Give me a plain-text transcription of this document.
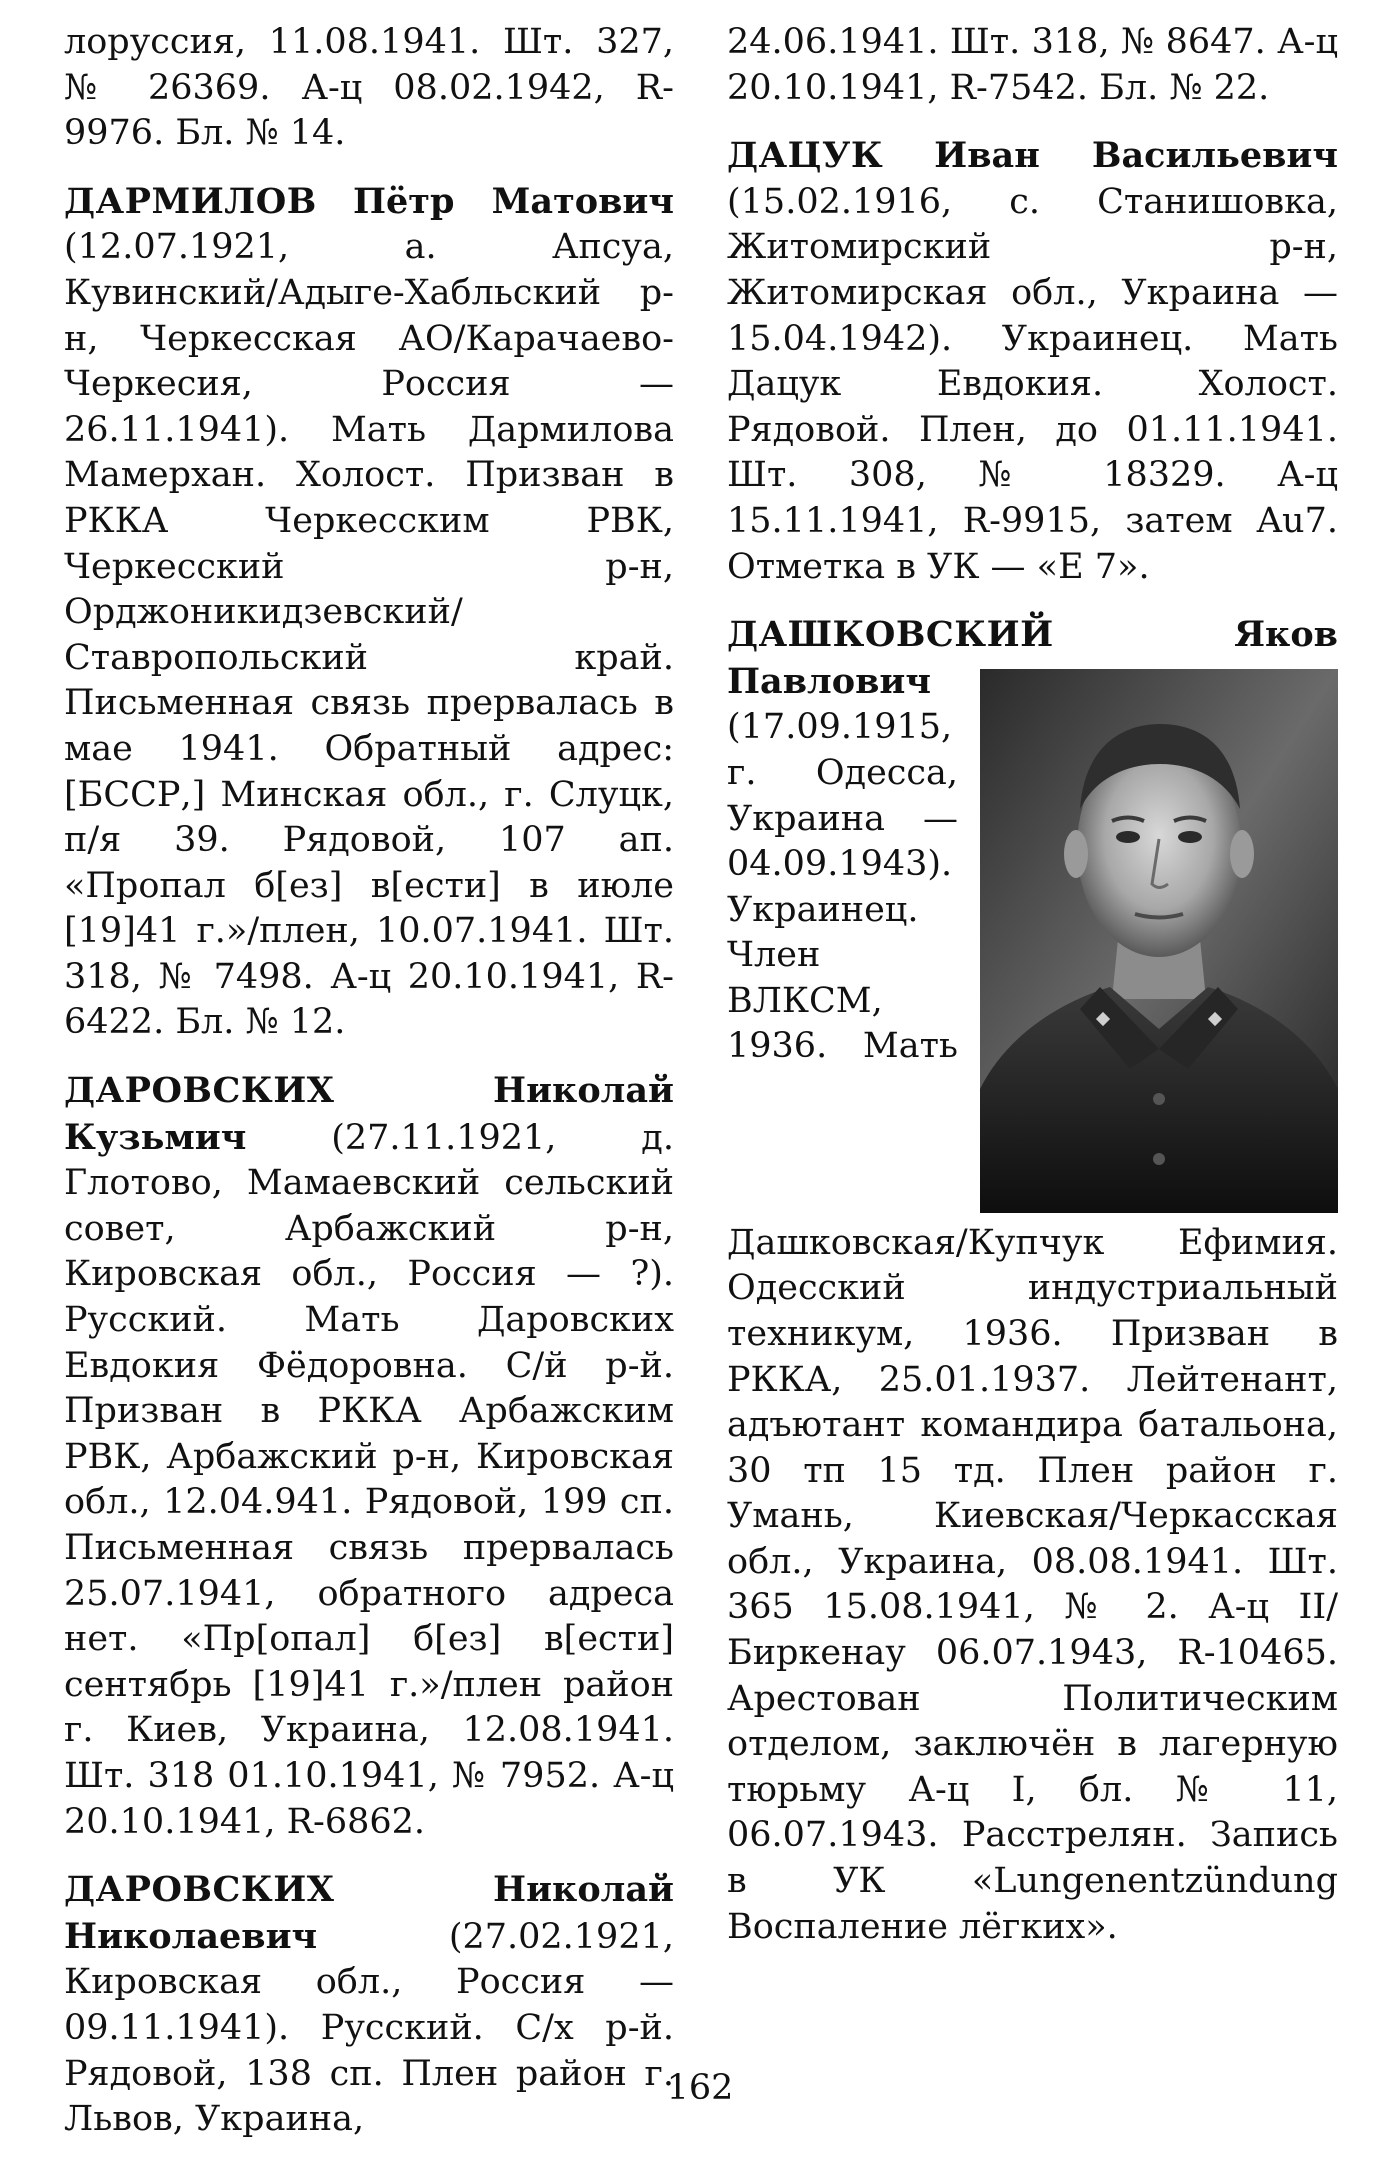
лоруссия, 11.08.1941. Шт. 327, № 26369. А-ц 08.02.1942, R-9976. Бл. № 14.

ДАРМИЛОВ Пётр Матович (12.07.1921, а. Апсуа, Кувинский/Адыге-Хабльский р-н, Черкесская АО/Карачаево-Черкесия, Россия — 26.11.1941). Мать Дармилова Мамерхан. Холост. Призван в РККА Черкесским РВК, Черкесский р-н, Орджоникидзевский/Ставропольский край. Письменная связь прервалась в мае 1941. Обратный адрес: [БССР,] Минская обл., г. Слуцк, п/я 39. Рядовой, 107 ап. «Пропал б[ез] в[ести] в июле [19]41 г.»/плен, 10.07.1941. Шт. 318, № 7498. А-ц 20.10.1941, R-6422. Бл. № 12.

ДАРОВСКИХ	Николай Кузьмич (27.11.1921, д. Глотово, Мамаевский сельский совет, Арбажский р-н, Кировская обл., Россия — ?). Русский. Мать Даровских Евдокия Фёдоровна. С/й р-й. Призван в РККА Арбажским РВК, Арбажский р-н, Кировская обл., 12.04.941. Рядовой, 199 сп. Письменная связь прервалась 25.07.1941, обратного адреса нет. «Пр[опал] б[ез] в[ести] сентябрь [19]41 г.»/плен район г. Киев, Украина, 12.08.1941. Шт. 318 01.10.1941, № 7952. А-ц 20.10.1941, R-6862.

ДАРОВСКИХ	Николай Николаевич	(27.02.1921, Кировская обл., Россия — 09.11.1941). Русский. С/х р-й. Рядовой, 138 сп. Плен район г. Львов, Украина,

24.06.1941. Шт. 318, № 8647. А-ц 20.10.1941, R-7542. Бл. № 22.

ДАЦУК Иван Васильевич (15.02.1916, с. Станишовка, Житомирский р-н, Житомирская обл., Украина — 15.04.1942). Украинец. Мать Дацук Евдокия. Холост. Рядовой. Плен, до 01.11.1941. Шт. 308, № 18329. А-ц 15.11.1941, R-9915, затем Au7. Отметка в УК — «E 7».

ДАШКОВСКИЙ	Яков Павлович
(17.09.1915, г. Одесса, Украина — 04.09.1943). Украинец. Член ВЛКСМ, 1936. Мать Дашковская/Купчук Ефимия. Одесский индустриальный техникум, 1936. Призван в РККА, 25.01.1937. Лейтенант, адъютант командира батальона, 30 тп 15 тд. Плен район г. Умань, Киевская/Черкасская обл., Украина, 08.08.1941. Шт. 365 15.08.1941, № 2. А-ц II/Биркенау 06.07.1943, R-10465. Арестован Политическим отделом, заключён в лагерную тюрьму А-ц I, бл. № 11, 06.07.1943. Расстрелян. Запись в УК «Lungenentzündung Воспаление лёгких».

162
